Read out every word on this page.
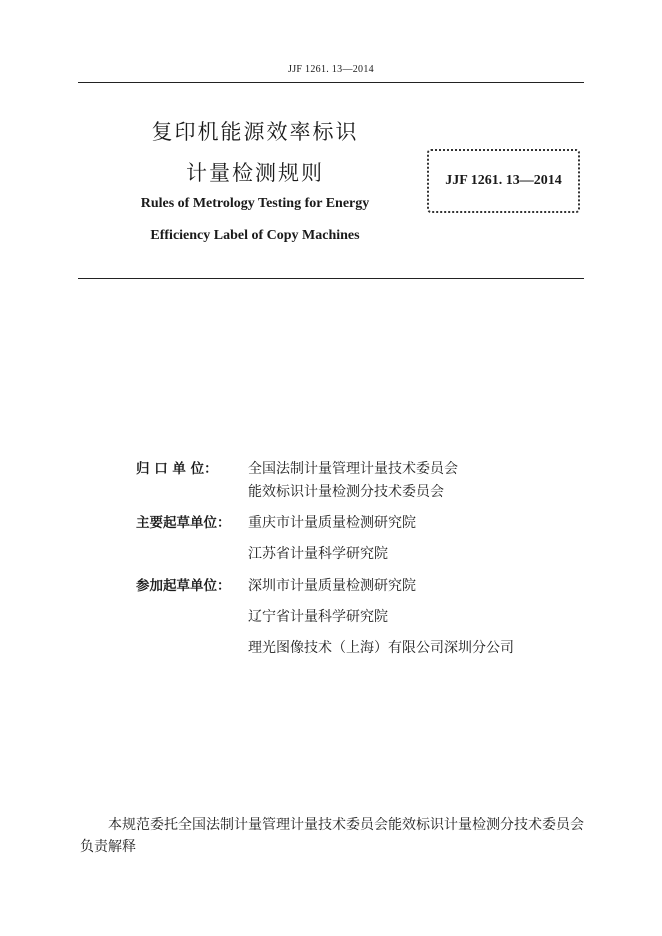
JJF 1261. 13—2014
复印机能源效率标识
计量检测规则
Rules of Metrology Testing for Energy
Efficiency Label of Copy Machines
JJF 1261. 13—2014
归 口 单 位：	全国法制计量管理计量技术委员会
能效标识计量检测分技术委员会
主要起草单位：	重庆市计量质量检测研究院
江苏省计量科学研究院
参加起草单位：	深圳市计量质量检测研究院
辽宁省计量科学研究院
理光图像技术（上海）有限公司深圳分公司
本规范委托全国法制计量管理计量技术委员会能效标识计量检测分技术委员会负责解释
